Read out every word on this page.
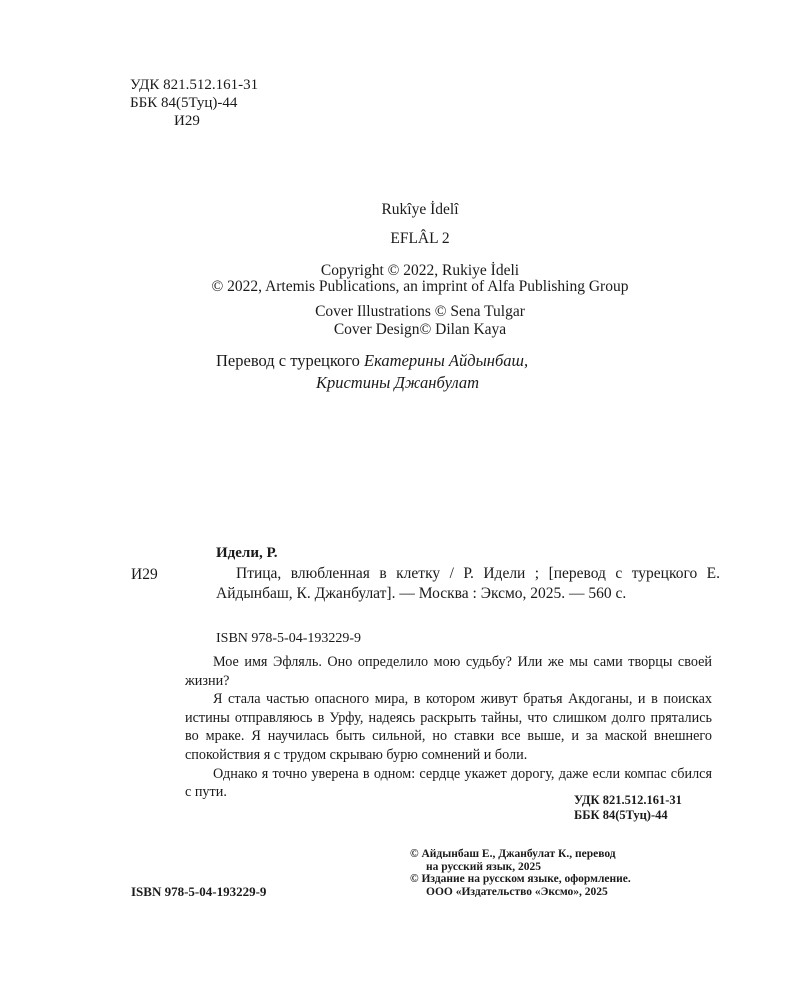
УДК 821.512.161-31
ББК 84(5Туц)-44
И29
Rukîye İdelî
EFLÂL 2
Copyright © 2022, Rukiye İdeli
© 2022, Artemis Publications, an imprint of Alfa Publishing Group
Cover Illustrations © Sena Tulgar
Cover Design© Dilan Kaya
Перевод с турецкого Екатерины Айдынбаш,
Кристины Джанбулат
Идели, Р.
И29	Птица, влюбленная в клетку / Р. Идели ; [перевод с турецкого Е. Айдынбаш, К. Джанбулат]. — Москва : Эксмо, 2025. — 560 с.
ISBN 978-5-04-193229-9

Мое имя Эфляль. Оно определило мою судьбу? Или же мы сами творцы своей жизни?

Я стала частью опасного мира, в котором живут братья Акдоганы, и в поисках истины отправляюсь в Урфу, надеясь раскрыть тайны, что слишком долго прятались во мраке. Я научилась быть сильной, но ставки все выше, и за маской внешнего спокойствия я с трудом скрываю бурю сомнений и боли.

Однако я точно уверена в одном: сердце укажет дорогу, даже если компас сбился с пути.	УДК 821.512.161-31
ББК 84(5Туц)-44
© Айдынбаш Е., Джанбулат К., перевод
на русский язык, 2025
© Издание на русском языке, оформление.
ООО «Издательство «Эксмо», 2025
ISBN 978-5-04-193229-9
